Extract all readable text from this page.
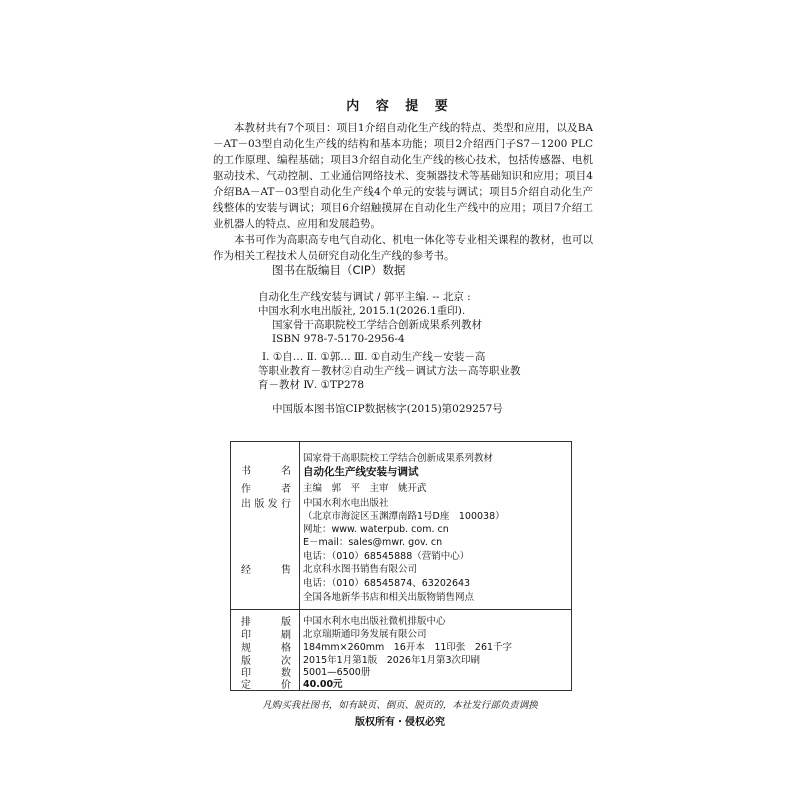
内 容 提 要

本教材共有7个项目：项目1介绍自动化生产线的特点、类型和应用，以及BA－AT－03型自动化生产线的结构和基本功能；项目2介绍西门子S7－1200 PLC的工作原理、编程基础；项目3介绍自动化生产线的核心技术，包括传感器、电机驱动技术、气动控制、工业通信网络技术、变频器技术等基础知识和应用；项目4介绍BA－AT－03型自动化生产线4个单元的安装与调试；项目5介绍自动化生产线整体的安装与调试；项目6介绍触摸屏在自动化生产线中的应用；项目7介绍工业机器人的特点、应用和发展趋势。

本书可作为高职高专电气自动化、机电一体化等专业相关课程的教材，也可以作为相关工程技术人员研究自动化生产线的参考书。

图书在版编目（CIP）数据
自动化生产线安装与调试 / 郭平主编. -- 北京 :
中国水利水电出版社, 2015.1(2026.1重印).
国家骨干高职院校工学结合创新成果系列教材
ISBN 978-7-5170-2956-4
Ⅰ. ①自… Ⅱ. ①郭… Ⅲ. ①自动生产线－安装－高
等职业教育－教材②自动生产线－调试方法－高等职业教
育－教材 Ⅳ. ①TP278
中国版本图书馆CIP数据核字(2015)第029257号
书 名
国家骨干高职院校工学结合创新成果系列教材
自动化生产线安装与调试
作 者 主编　郭　平　主审　姚开武
出版发行 中国水利水电出版社
（北京市海淀区玉渊潭南路1号D座　100038）
网址：www. waterpub. com. cn
E－mail：sales@mwr. gov. cn
电话：（010）68545888（营销中心）
经 售 北京科水图书销售有限公司
电话：（010）68545874、63202643
全国各地新华书店和相关出版物销售网点
排 版 中国水利水电出版社微机排版中心
印 刷 北京瑞斯通印务发展有限公司
规 格 184mm×260mm　16开本　11印张　261千字
版 次 2015年1月第1版　2026年1月第3次印刷
印 数 5001—6500册
定 价 40.00元
凡购买我社图书，如有缺页、倒页、脱页的，本社发行部负责调换
版权所有・侵权必究
